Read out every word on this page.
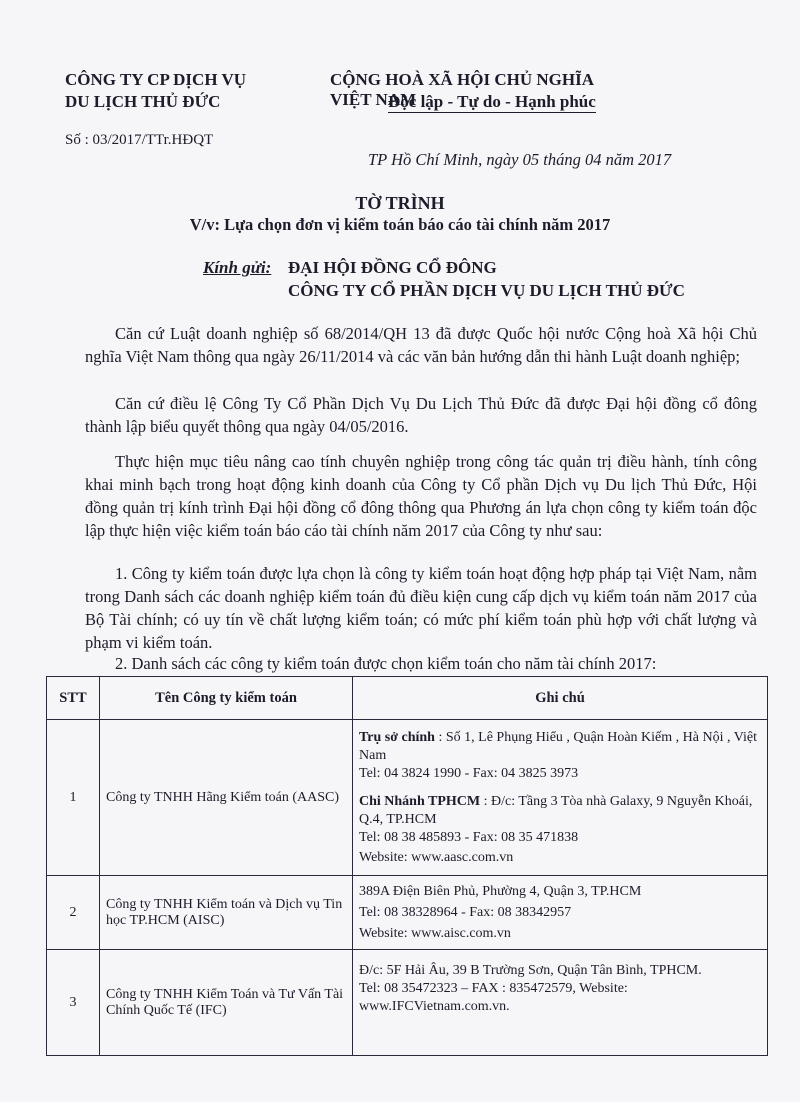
CÔNG TY CP DỊCH VỤ
DU LỊCH THỦ ĐỨC
CỘNG HOÀ XÃ HỘI CHỦ NGHĨA VIỆT NAM
Độc lập - Tự do - Hạnh phúc
Số : 03/2017/TTr.HĐQT
TP Hồ Chí Minh, ngày 05 tháng 04 năm 2017
TỜ TRÌNH
V/v: Lựa chọn đơn vị kiểm toán báo cáo tài chính năm 2017
Kính gửi: ĐẠI HỘI ĐỒNG CỔ ĐÔNG
CÔNG TY CỔ PHẦN DỊCH VỤ DU LỊCH THỦ ĐỨC
Căn cứ Luật doanh nghiệp số 68/2014/QH 13 đã được Quốc hội nước Cộng hoà Xã hội Chủ nghĩa Việt Nam thông qua ngày 26/11/2014 và các văn bản hướng dẫn thi hành Luật doanh nghiệp;
Căn cứ điều lệ Công Ty Cổ Phần Dịch Vụ Du Lịch Thủ Đức đã được Đại hội đồng cổ đông thành lập biểu quyết thông qua ngày 04/05/2016.
Thực hiện mục tiêu nâng cao tính chuyên nghiệp trong công tác quản trị điều hành, tính công khai minh bạch trong hoạt động kinh doanh của Công ty Cổ phần Dịch vụ Du lịch Thủ Đức, Hội đồng quản trị kính trình Đại hội đồng cổ đông thông qua Phương án lựa chọn công ty kiểm toán độc lập thực hiện việc kiểm toán báo cáo tài chính năm 2017 của Công ty như sau:
1. Công ty kiểm toán được lựa chọn là công ty kiểm toán hoạt động hợp pháp tại Việt Nam, nằm trong Danh sách các doanh nghiệp kiểm toán đủ điều kiện cung cấp dịch vụ kiểm toán năm 2017 của Bộ Tài chính; có uy tín về chất lượng kiểm toán; có mức phí kiểm toán phù hợp với chất lượng và phạm vi kiểm toán.
2. Danh sách các công ty kiểm toán được chọn kiểm toán cho năm tài chính 2017:
STT	Tên Công ty kiểm toán	Ghi chú
1	Công ty TNHH Hãng Kiểm toán (AASC)	Trụ sở chính : Số 1, Lê Phụng Hiểu , Quận Hoàn Kiếm , Hà Nội , Việt Nam

Tel: 04 3824 1990 - Fax: 04 3825 3973

Chi Nhánh TPHCM : Đ/c: Tầng 3 Tòa nhà Galaxy, 9 Nguyễn Khoái, Q.4, TP.HCM

Tel: 08 38 485893 - Fax: 08 35 471838

Website: www.aasc.com.vn

2	Công ty TNHH Kiểm toán và Dịch vụ Tin học TP.HCM (AISC)	389A Điện Biên Phủ, Phường 4, Quận 3, TP.HCM

Tel: 08 38328964 - Fax: 08 38342957

Website: www.aisc.com.vn

3	Công ty TNHH Kiểm Toán và Tư Vấn Tài Chính Quốc Tế (IFC)	Đ/c: 5F Hải Âu, 39 B Trường Sơn, Quận Tân Bình, TPHCM.

Tel: 08 35472323 – FAX : 835472579, Website: www.IFCVietnam.com.vn.
